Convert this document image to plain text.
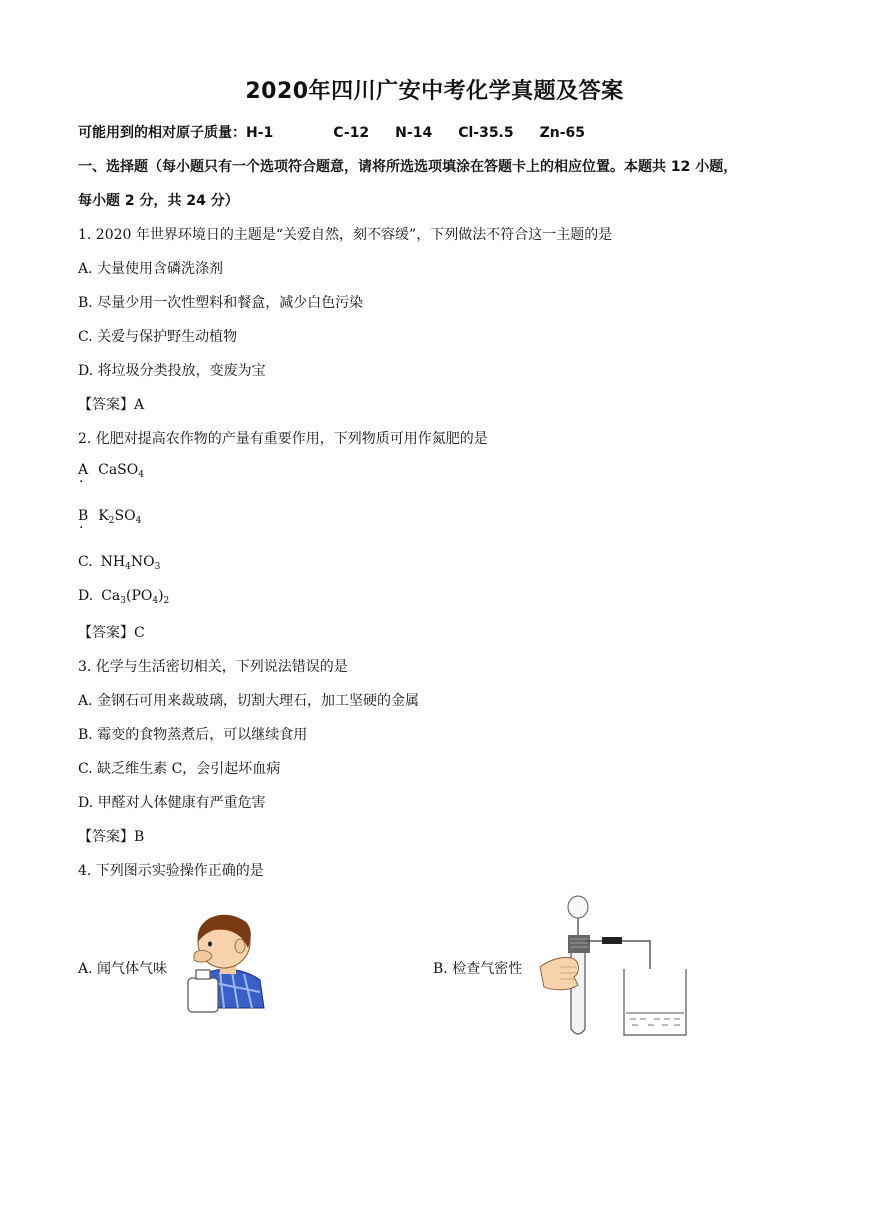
2020年四川广安中考化学真题及答案
可能用到的相对原子质量：H-1	C-12 N-14 Cl-35.5 Zn-65
一、选择题（每小题只有一个选项符合题意，请将所选选项填涂在答题卡上的相应位置。本题共 12 小题，
每小题 2 分，共 24 分）
1. 2020 年世界环境日的主题是“关爱自然，刻不容缓”，下列做法不符合这一主题的是
A. 大量使用含磷洗涤剂
B. 尽量少用一次性塑料和餐盒，减少白色污染
C. 关爱与保护野生动植物
D. 将垃圾分类投放，变废为宝
【答案】A
2. 化肥对提高农作物的产量有重要作用，下列物质可用作氮肥的是
A CaSO$_4$
·
B $K_2SO_4$
·
C. $NH_4NO_3$
D. $Ca_3(PO_4)_2$
【答案】C
3. 化学与生活密切相关，下列说法错误的是
A. 金钢石可用来裁玻璃，切割大理石，加工坚硬的金属
B. 霉变的食物蒸煮后，可以继续食用
C. 缺乏维生素 C，会引起坏血病
D. 甲醛对人体健康有严重危害
【答案】B
4. 下列图示实验操作正确的是
A. 闻气体气味	B. 检查气密性
